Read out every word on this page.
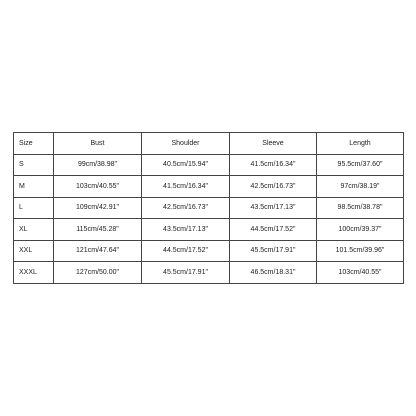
Size	Bust	Shoulder	Sleeve	Length
S	99cm/38.98"	40.5cm/15.94"	41.5cm/16.34"	95.5cm/37.60"
M	103cm/40.55"	41.5cm/16.34"	42.5cm/16.73"	97cm/38.19"
L	109cm/42.91"	42.5cm/16.73"	43.5cm/17.13"	98.5cm/38.78"
XL	115cm/45.28"	43.5cm/17.13"	44.5cm/17.52"	100cm/39.37"
XXL	121cm/47.64"	44.5cm/17.52"	45.5cm/17.91"	101.5cm/39.96"
XXXL	127cm/50.00"	45.5cm/17.91"	46.5cm/18.31"	103cm/40.55"
